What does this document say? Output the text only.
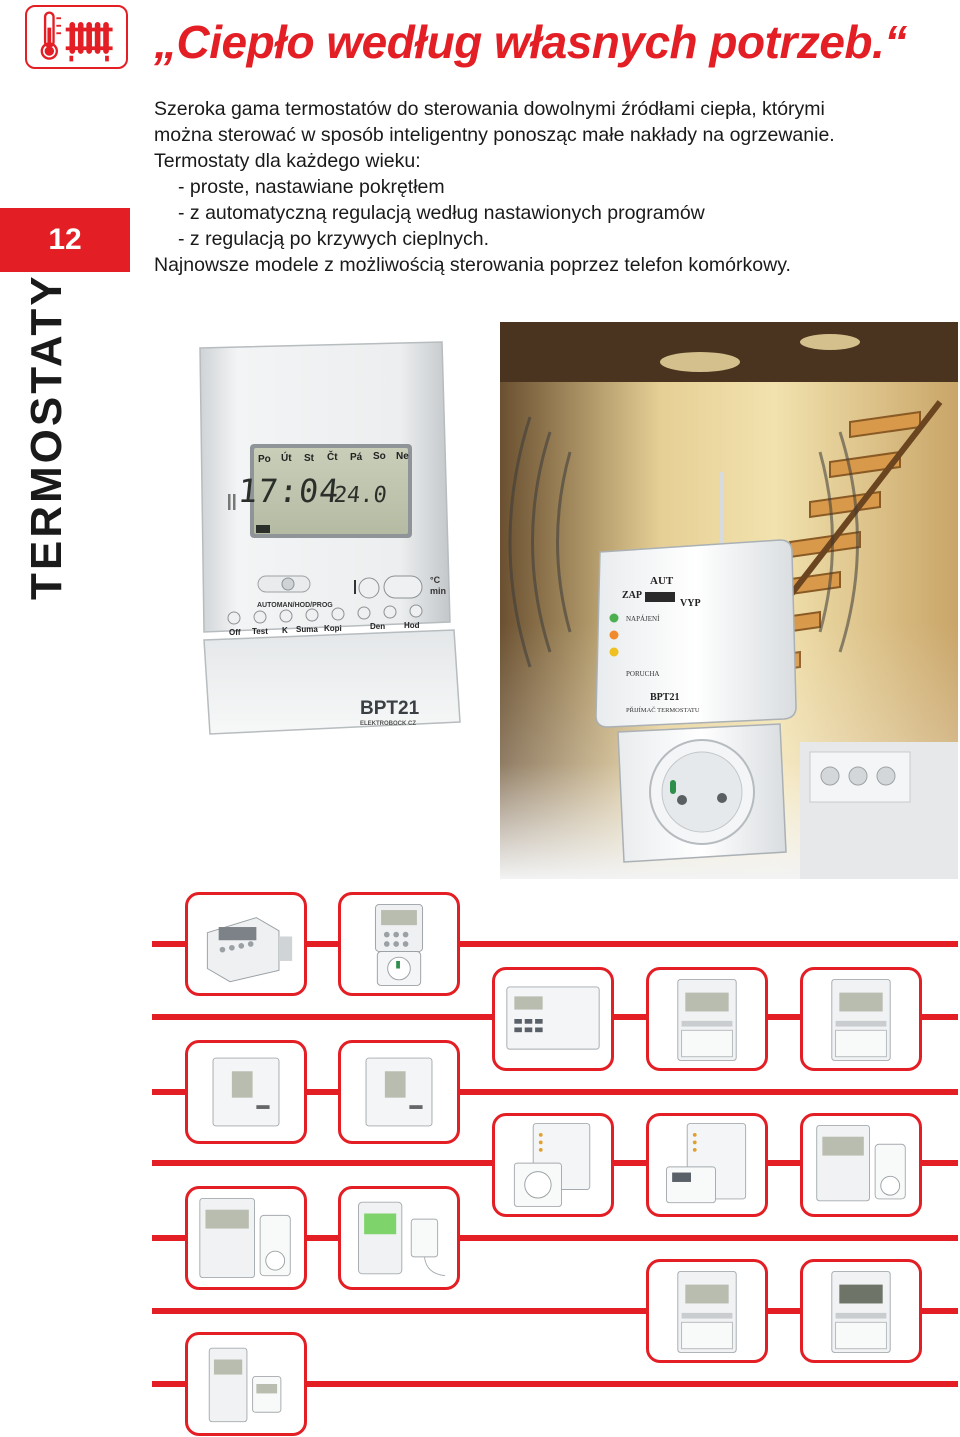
„Ciepło według własnych potrzeb.“

Szeroka gama termostatów do sterowania dowolnymi źródłami ciepła, którymi

można sterować w sposób inteligentny ponosząc małe nakłady na ogrzewanie.

Termostaty dla każdego wieku:

- proste, nastawiane pokrętłem

- z automatyczną regulacją według nastawionych programów

- z regulacją po krzywych cieplnych.

Najnowsze modele z możliwością sterowania poprzez telefon komórkowy.

12
TERMOSTATY	Po Út St Čt Pá So Ne
17:04
24.0
AUTOMAN/HOD/PROG
°C
min
Off Test K Suma Kopi	Den Hod
BPT21
ELEKTROBOCK CZ
AUT
ZAP
VYP
NAPÁJENÍ
PORUCHA
BPT21
PŘIJÍMAČ TERMOSTATU
